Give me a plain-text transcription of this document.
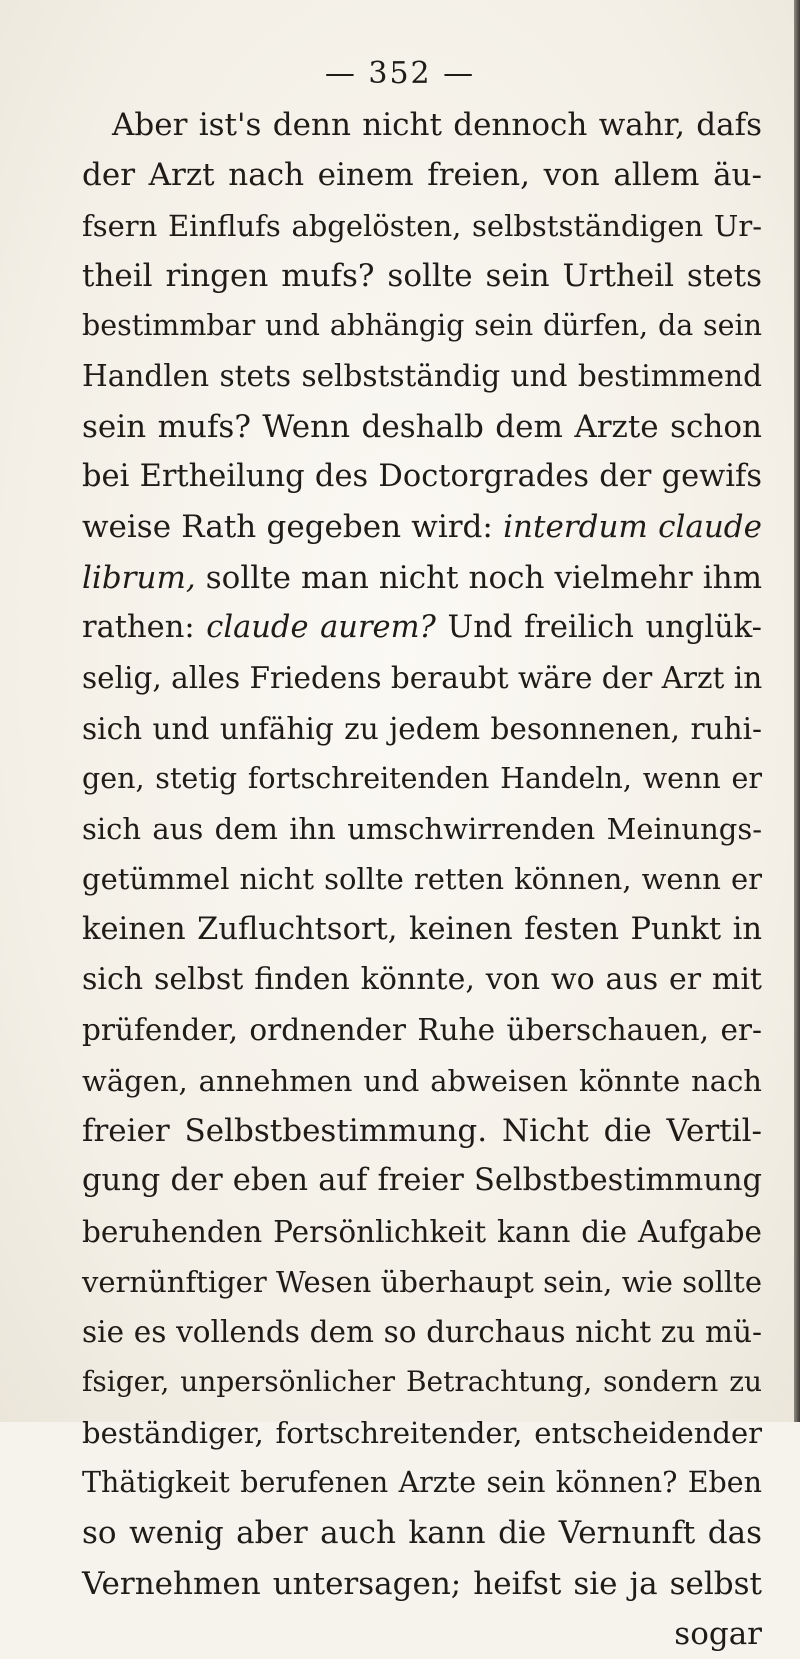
— 352 —
Aber ist's denn nicht dennoch wahr, dafs
der Arzt nach einem freien, von allem äu-
fsern Einflufs abgelösten, selbstständigen Ur-
theil ringen mufs? sollte sein Urtheil stets
bestimmbar und abhängig sein dürfen, da sein
Handlen stets selbstständig und bestimmend
sein mufs? Wenn deshalb dem Arzte schon
bei Ertheilung des Doctorgrades der gewifs
weise Rath gegeben wird: interdum claude
librum, sollte man nicht noch vielmehr ihm
rathen: claude aurem? Und freilich unglük-
selig, alles Friedens beraubt wäre der Arzt in
sich und unfähig zu jedem besonnenen, ruhi-
gen, stetig fortschreitenden Handeln, wenn er
sich aus dem ihn umschwirrenden Meinungs-
getümmel nicht sollte retten können, wenn er
keinen Zufluchtsort, keinen festen Punkt in
sich selbst finden könnte, von wo aus er mit
prüfender, ordnender Ruhe überschauen, er-
wägen, annehmen und abweisen könnte nach
freier Selbstbestimmung. Nicht die Vertil-
gung der eben auf freier Selbstbestimmung
beruhenden Persönlichkeit kann die Aufgabe
vernünftiger Wesen überhaupt sein, wie sollte
sie es vollends dem so durchaus nicht zu mü-
fsiger, unpersönlicher Betrachtung, sondern zu
beständiger, fortschreitender, entscheidender
Thätigkeit berufenen Arzte sein können? Eben
so wenig aber auch kann die Vernunft das
Vernehmen untersagen; heifst sie ja selbst
sogar
